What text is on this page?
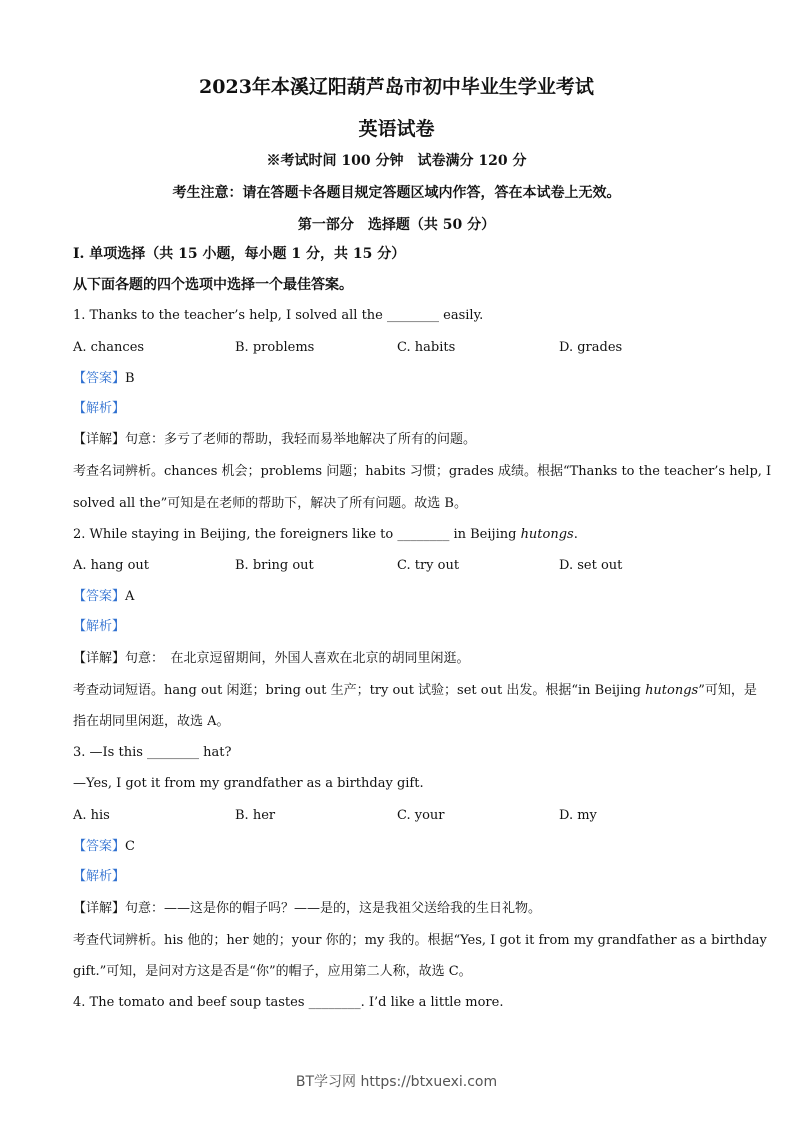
2023年本溪辽阳葫芦岛市初中毕业生学业考试
英语试卷
※考试时间 100 分钟　试卷满分 120 分
考生注意：请在答题卡各题目规定答题区域内作答，答在本试卷上无效。
第一部分　选择题（共 50 分）
Ⅰ. 单项选择（共 15 小题，每小题 1 分，共 15 分）
从下面各题的四个选项中选择一个最佳答案。
1. Thanks to the teacher’s help, I solved all the ________ easily.
A. chances	B. problems	C. habits	D. grades
【答案】B
【解析】
【详解】句意：多亏了老师的帮助，我轻而易举地解决了所有的问题。
考查名词辨析。chances 机会；problems 问题；habits 习惯；grades 成绩。根据“Thanks to the teacher’s help, I
solved all the”可知是在老师的帮助下，解决了所有问题。故选 B。
2. While staying in Beijing, the foreigners like to ________ in Beijing hutongs.
A. hang out	B. bring out	C. try out	D. set out
【答案】A
【解析】
【详解】句意：　在北京逗留期间，外国人喜欢在北京的胡同里闲逛。
考查动词短语。hang out 闲逛；bring out 生产；try out 试验；set out 出发。根据“in Beijing hutongs”可知，是
指在胡同里闲逛，故选 A。
3. —Is this ________ hat?
—Yes, I got it from my grandfather as a birthday gift.
A. his	B. her	C. your	D. my
【答案】C
【解析】
【详解】句意：——这是你的帽子吗？——是的，这是我祖父送给我的生日礼物。
考查代词辨析。his 他的；her 她的；your 你的；my 我的。根据“Yes, I got it from my grandfather as a birthday
gift.”可知，是问对方这是否是“你”的帽子，应用第二人称，故选 C。
4. The tomato and beef soup tastes ________. I’d like a little more.
BT学习网 https://btxuexi.com
